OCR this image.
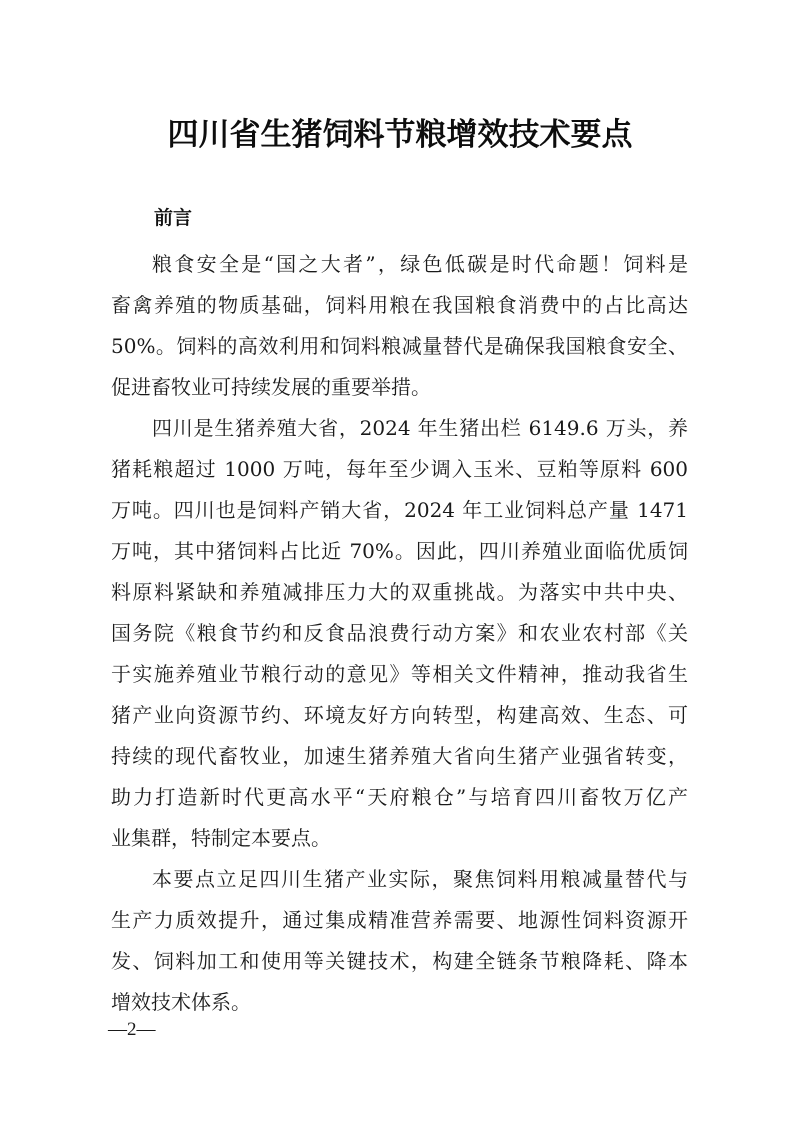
四川省生猪饲料节粮增效技术要点
前言
粮食安全是“国之大者”，绿色低碳是时代命题！饲料是
畜禽养殖的物质基础，饲料用粮在我国粮食消费中的占比高达
50%。饲料的高效利用和饲料粮减量替代是确保我国粮食安全、
促进畜牧业可持续发展的重要举措。
四川是生猪养殖大省，2024 年生猪出栏 6149.6 万头，养
猪耗粮超过 1000 万吨，每年至少调入玉米、豆粕等原料 600
万吨。四川也是饲料产销大省，2024 年工业饲料总产量 1471
万吨，其中猪饲料占比近 70%。因此，四川养殖业面临优质饲
料原料紧缺和养殖减排压力大的双重挑战。为落实中共中央、
国务院《粮食节约和反食品浪费行动方案》和农业农村部《关
于实施养殖业节粮行动的意见》等相关文件精神，推动我省生
猪产业向资源节约、环境友好方向转型，构建高效、生态、可
持续的现代畜牧业，加速生猪养殖大省向生猪产业强省转变，
助力打造新时代更高水平“天府粮仓”与培育四川畜牧万亿产
业集群，特制定本要点。
本要点立足四川生猪产业实际，聚焦饲料用粮减量替代与
生产力质效提升，通过集成精准营养需要、地源性饲料资源开
发、饲料加工和使用等关键技术，构建全链条节粮降耗、降本
增效技术体系。
—2—
